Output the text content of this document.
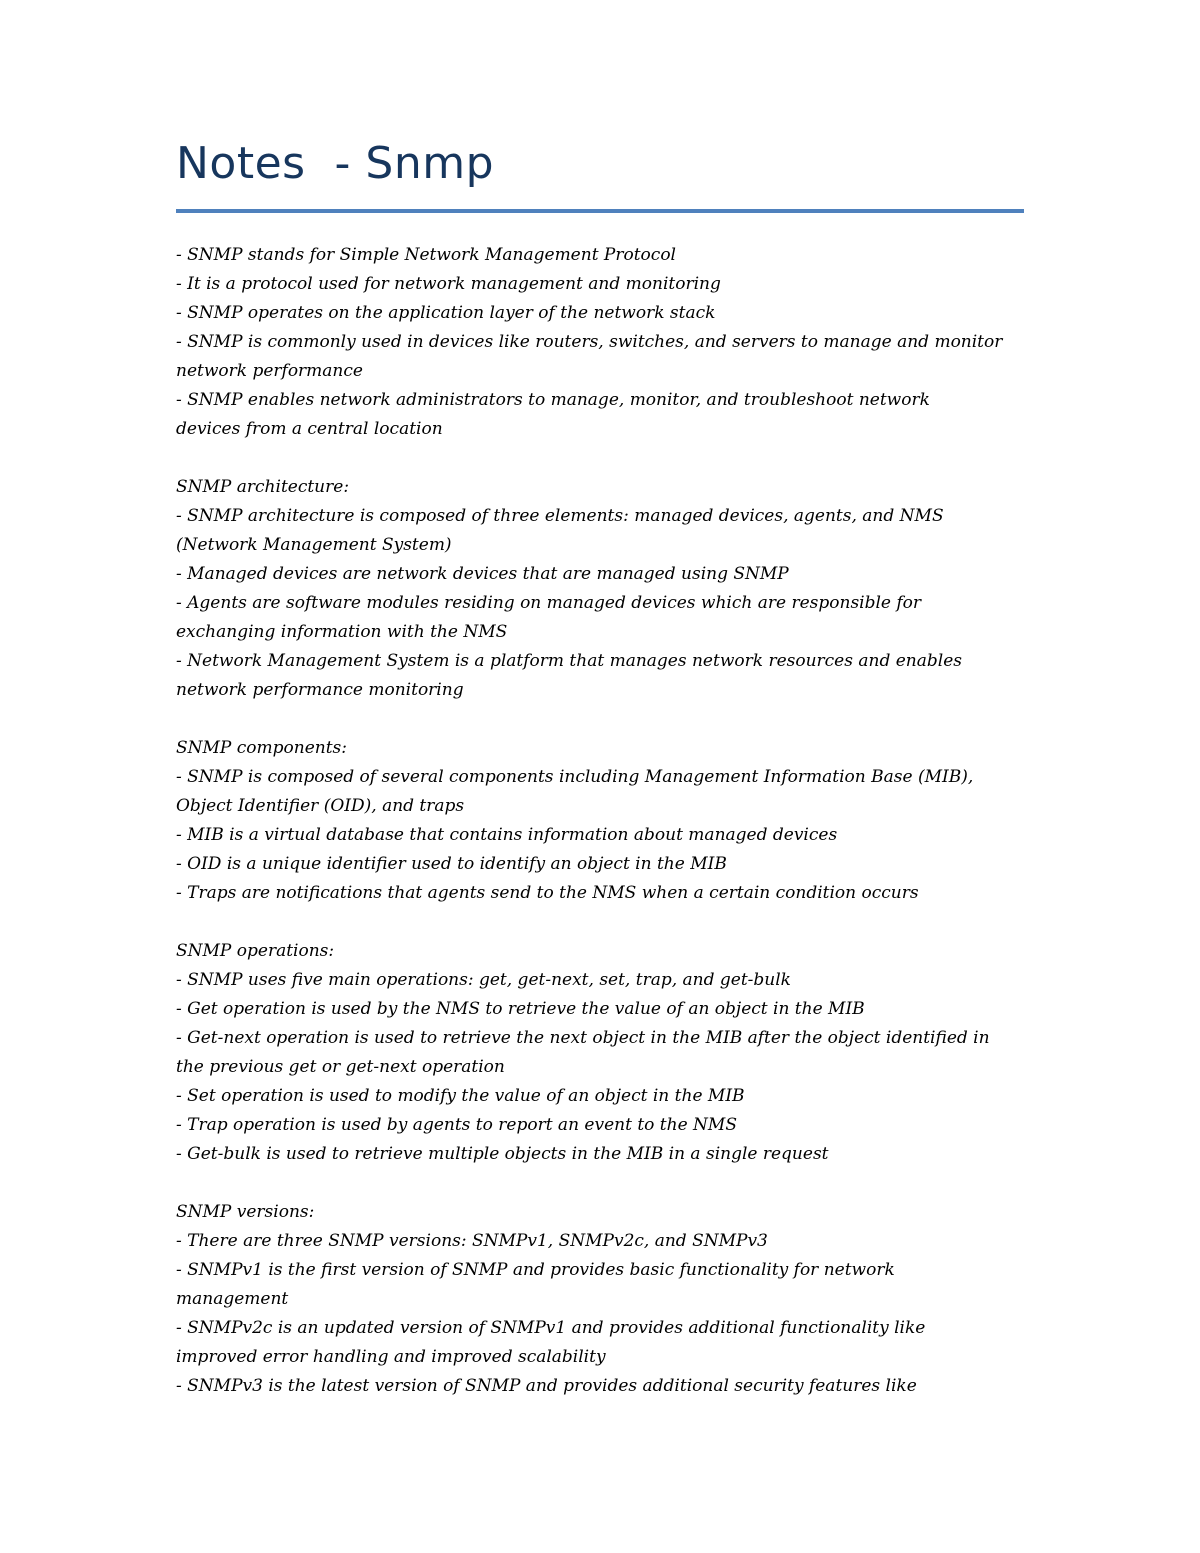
Notes  - Snmp
- SNMP stands for Simple Network Management Protocol
- It is a protocol used for network management and monitoring
- SNMP operates on the application layer of the network stack
- SNMP is commonly used in devices like routers, switches, and servers to manage and monitor
network performance
- SNMP enables network administrators to manage, monitor, and troubleshoot network
devices from a central location
SNMP architecture:
- SNMP architecture is composed of three elements: managed devices, agents, and NMS
(Network Management System)
- Managed devices are network devices that are managed using SNMP
- Agents are software modules residing on managed devices which are responsible for
exchanging information with the NMS
- Network Management System is a platform that manages network resources and enables
network performance monitoring
SNMP components:
- SNMP is composed of several components including Management Information Base (MIB),
Object Identifier (OID), and traps
- MIB is a virtual database that contains information about managed devices
- OID is a unique identifier used to identify an object in the MIB
- Traps are notifications that agents send to the NMS when a certain condition occurs
SNMP operations:
- SNMP uses five main operations: get, get-next, set, trap, and get-bulk
- Get operation is used by the NMS to retrieve the value of an object in the MIB
- Get-next operation is used to retrieve the next object in the MIB after the object identified in
the previous get or get-next operation
- Set operation is used to modify the value of an object in the MIB
- Trap operation is used by agents to report an event to the NMS
- Get-bulk is used to retrieve multiple objects in the MIB in a single request
SNMP versions:
- There are three SNMP versions: SNMPv1, SNMPv2c, and SNMPv3
- SNMPv1 is the first version of SNMP and provides basic functionality for network
management
- SNMPv2c is an updated version of SNMPv1 and provides additional functionality like
improved error handling and improved scalability
- SNMPv3 is the latest version of SNMP and provides additional security features like
